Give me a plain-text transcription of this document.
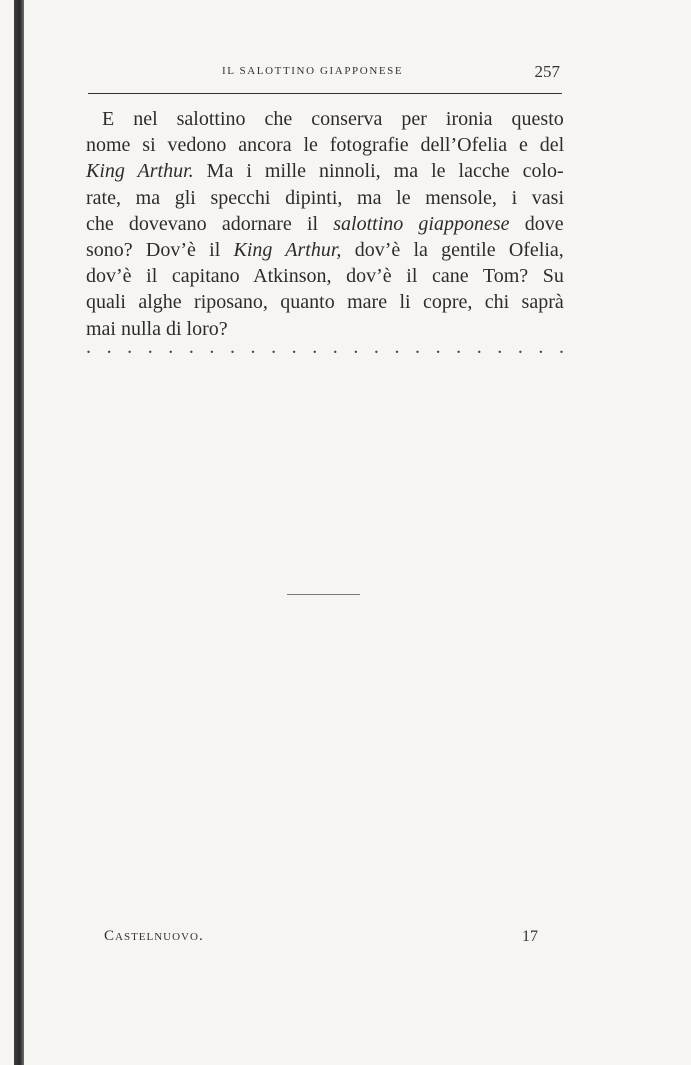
IL SALOTTINO GIAPPONESE	257
E nel salottino che conserva per ironia questo
nome si vedono ancora le fotografie dell’Ofelia e del
King Arthur. Ma i mille ninnoli, ma le lacche colo-
rate, ma gli specchi dipinti, ma le mensole, i vasi
che dovevano adornare il salottino giapponese dove
sono? Dov’è il King Arthur, dov’è la gentile Ofelia,
dov’è il capitano Atkinson, dov’è il cane Tom? Su
quali alghe riposano, quanto mare li copre, chi saprà
mai nulla di loro?
. . . . . . . . . . . . . . . . . . . . . . . .
Castelnuovo.	17
